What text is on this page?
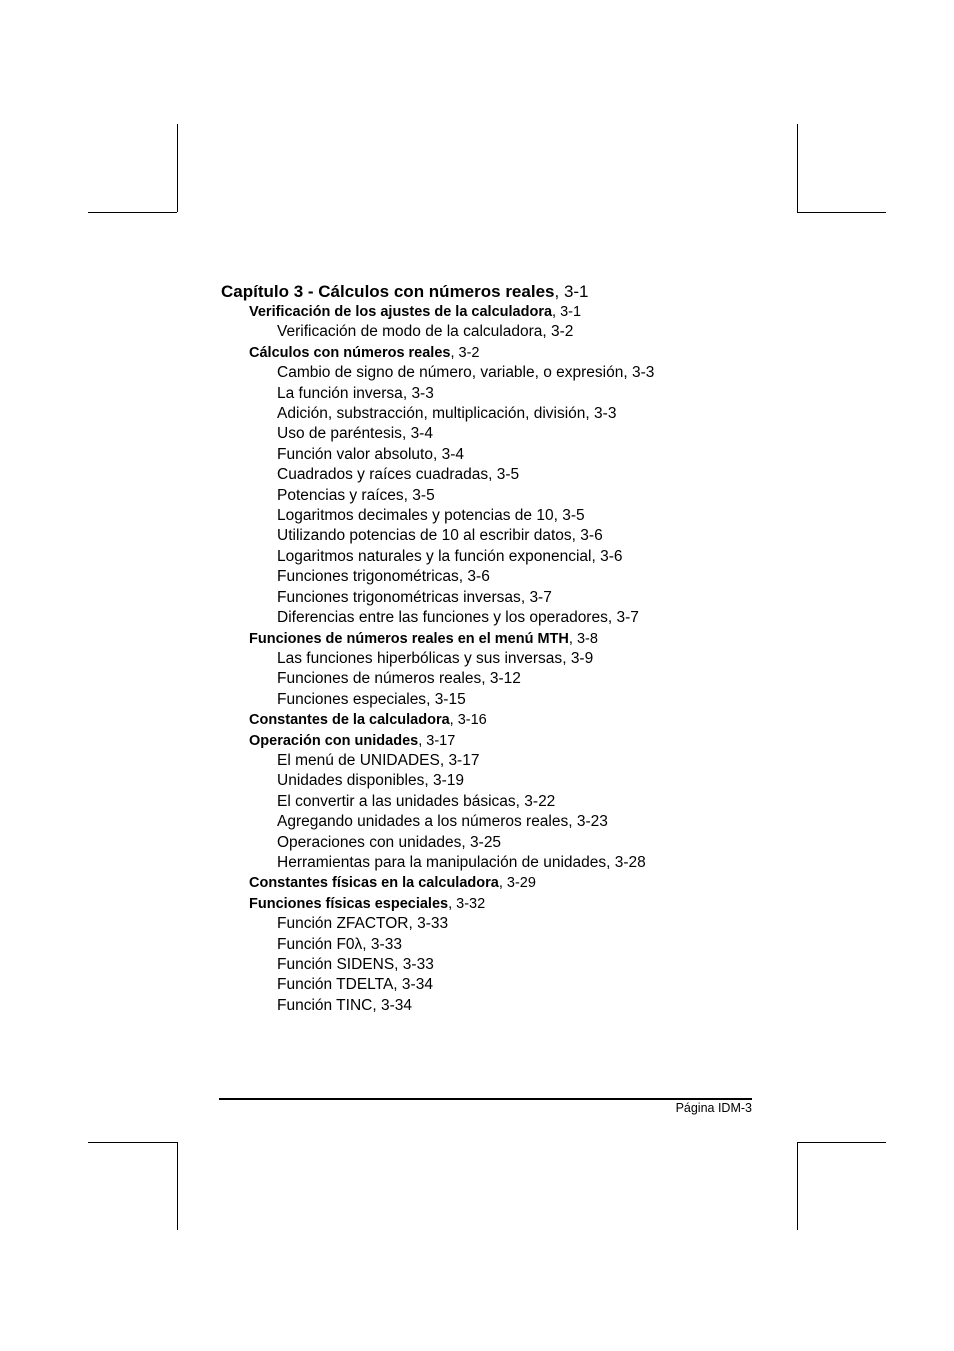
Capítulo 3 - Cálculos con números reales, 3-1
Verificación de los ajustes de la calculadora, 3-1
Verificación de modo de la calculadora, 3-2
Cálculos con números reales, 3-2
Cambio de signo de número, variable, o expresión, 3-3
La función inversa, 3-3
Adición, substracción, multiplicación, división, 3-3
Uso de paréntesis, 3-4
Función valor absoluto, 3-4
Cuadrados y raíces cuadradas, 3-5
Potencias y raíces, 3-5
Logaritmos decimales y potencias de 10, 3-5
Utilizando potencias de 10 al escribir datos, 3-6
Logaritmos naturales y la función exponencial, 3-6
Funciones trigonométricas, 3-6
Funciones trigonométricas inversas, 3-7
Diferencias entre las funciones y los operadores, 3-7
Funciones de números reales en el menú MTH, 3-8
Las funciones hiperbólicas y sus inversas, 3-9
Funciones de números reales, 3-12
Funciones especiales, 3-15
Constantes de la calculadora, 3-16
Operación con unidades, 3-17
El menú de UNIDADES, 3-17
Unidades disponibles, 3-19
El convertir a las unidades básicas, 3-22
Agregando unidades a los números reales, 3-23
Operaciones con unidades, 3-25
Herramientas para la manipulación de unidades, 3-28
Constantes físicas en la calculadora, 3-29
Funciones físicas especiales, 3-32
Función ZFACTOR, 3-33
Función F0λ, 3-33
Función SIDENS, 3-33
Función TDELTA, 3-34
Función TINC, 3-34
Página IDM-3
